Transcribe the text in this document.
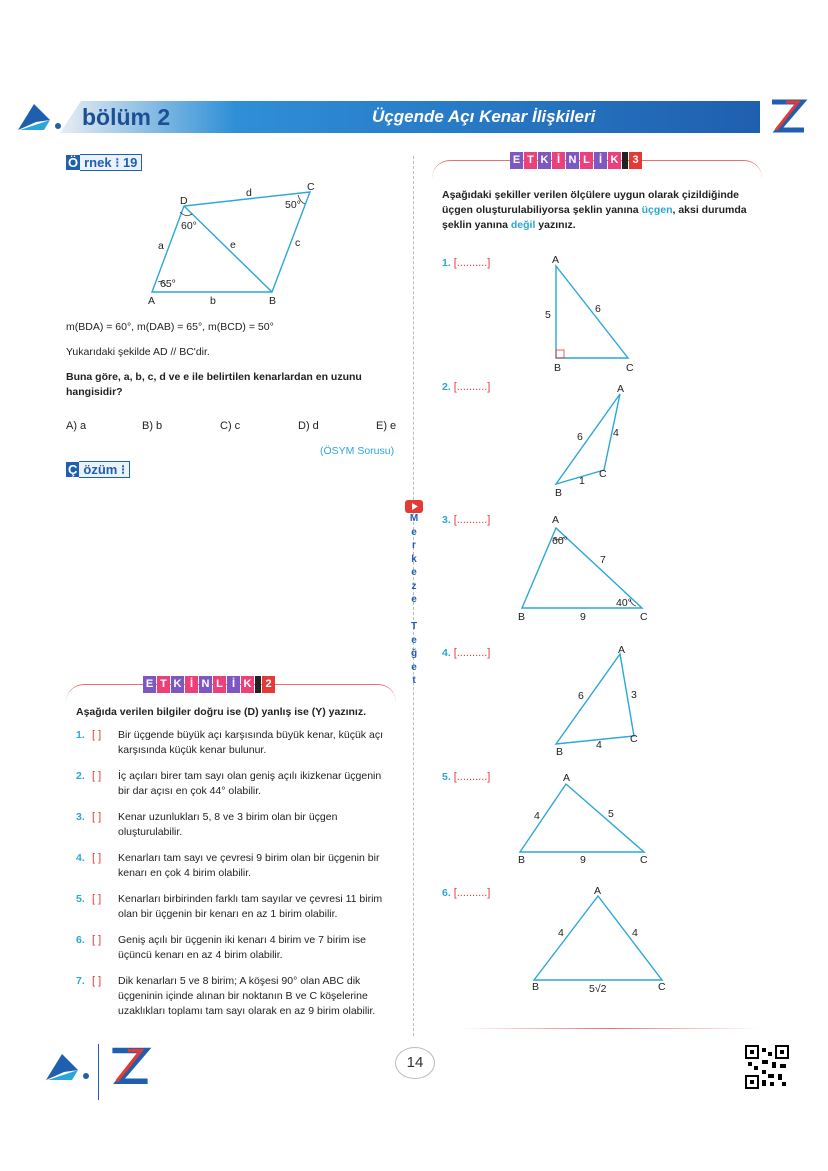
bölüm 2	Üçgende Açı Kenar İlişkileri
Ö rnek ⁝ 19
D
C
A	B
a
b
c
d
e
60°
65°
50°
m(BDA) = 60°, m(DAB) = 65°, m(BCD) = 50°
Yukarıdaki şekilde AD // BC'dir.
Buna göre, a, b, c, d ve e ile belirtilen kenarlardan en uzunu hangisidir?
A) a	B) b	C) c	D) d	E) e
(ÖSYM Sorusu)
Ç özüm ⁝
M
e
r
k
e
z
e

T
e
ğ
e
t
E T K İ N L İ K	2
Aşağıda verilen bilgiler doğru ise (D) yanlış ise (Y) yazınız.
1. [ ]	Bir üçgende büyük açı karşısında büyük kenar, küçük açı karşısında küçük kenar bulunur.
2. [ ]	İç açıları birer tam sayı olan geniş açılı ikizkenar üçgenin bir dar açısı en çok 44° olabilir.
3. [ ]	Kenar uzunlukları 5, 8 ve 3 birim olan bir üçgen oluşturulabilir.
4. [ ]	Kenarları tam sayı ve çevresi 9 birim olan bir üçgenin bir kenarı en çok 4 birim olabilir.
5. [ ]	Kenarları birbirinden farklı tam sayılar ve çevresi 11 birim olan bir üçgenin bir kenarı en az 1 birim olabilir.
6. [ ]	Geniş açılı bir üçgenin iki kenarı 4 birim ve 7 birim ise üçüncü kenarı en az 4 birim olabilir.
7. [ ]	Dik kenarları 5 ve 8 birim; A köşesi 90° olan ABC dik üçgeninin içinde alınan bir noktanın B ve C köşelerine uzaklıkları toplamı tam sayı olarak en az 9 birim olabilir.
E T K İ N L İ K	3
Aşağıdaki şekiller verilen ölçülere uygun olarak çizildiğinde üçgen oluşturulabiliyorsa şeklin yanına üçgen, aksi durumda şeklin yanına değil yazınız.
1. [..........]
2. [..........]
3. [..........]
4. [..........]
5. [..........]
6. [..........]
A
B	C
5	6
A
B
C
6	4
1
A
B	C
60°
40°
7
9
A
B
C
6	3
4
A
B	C
4	5
9
A
B	C
4	4
5√2
14
